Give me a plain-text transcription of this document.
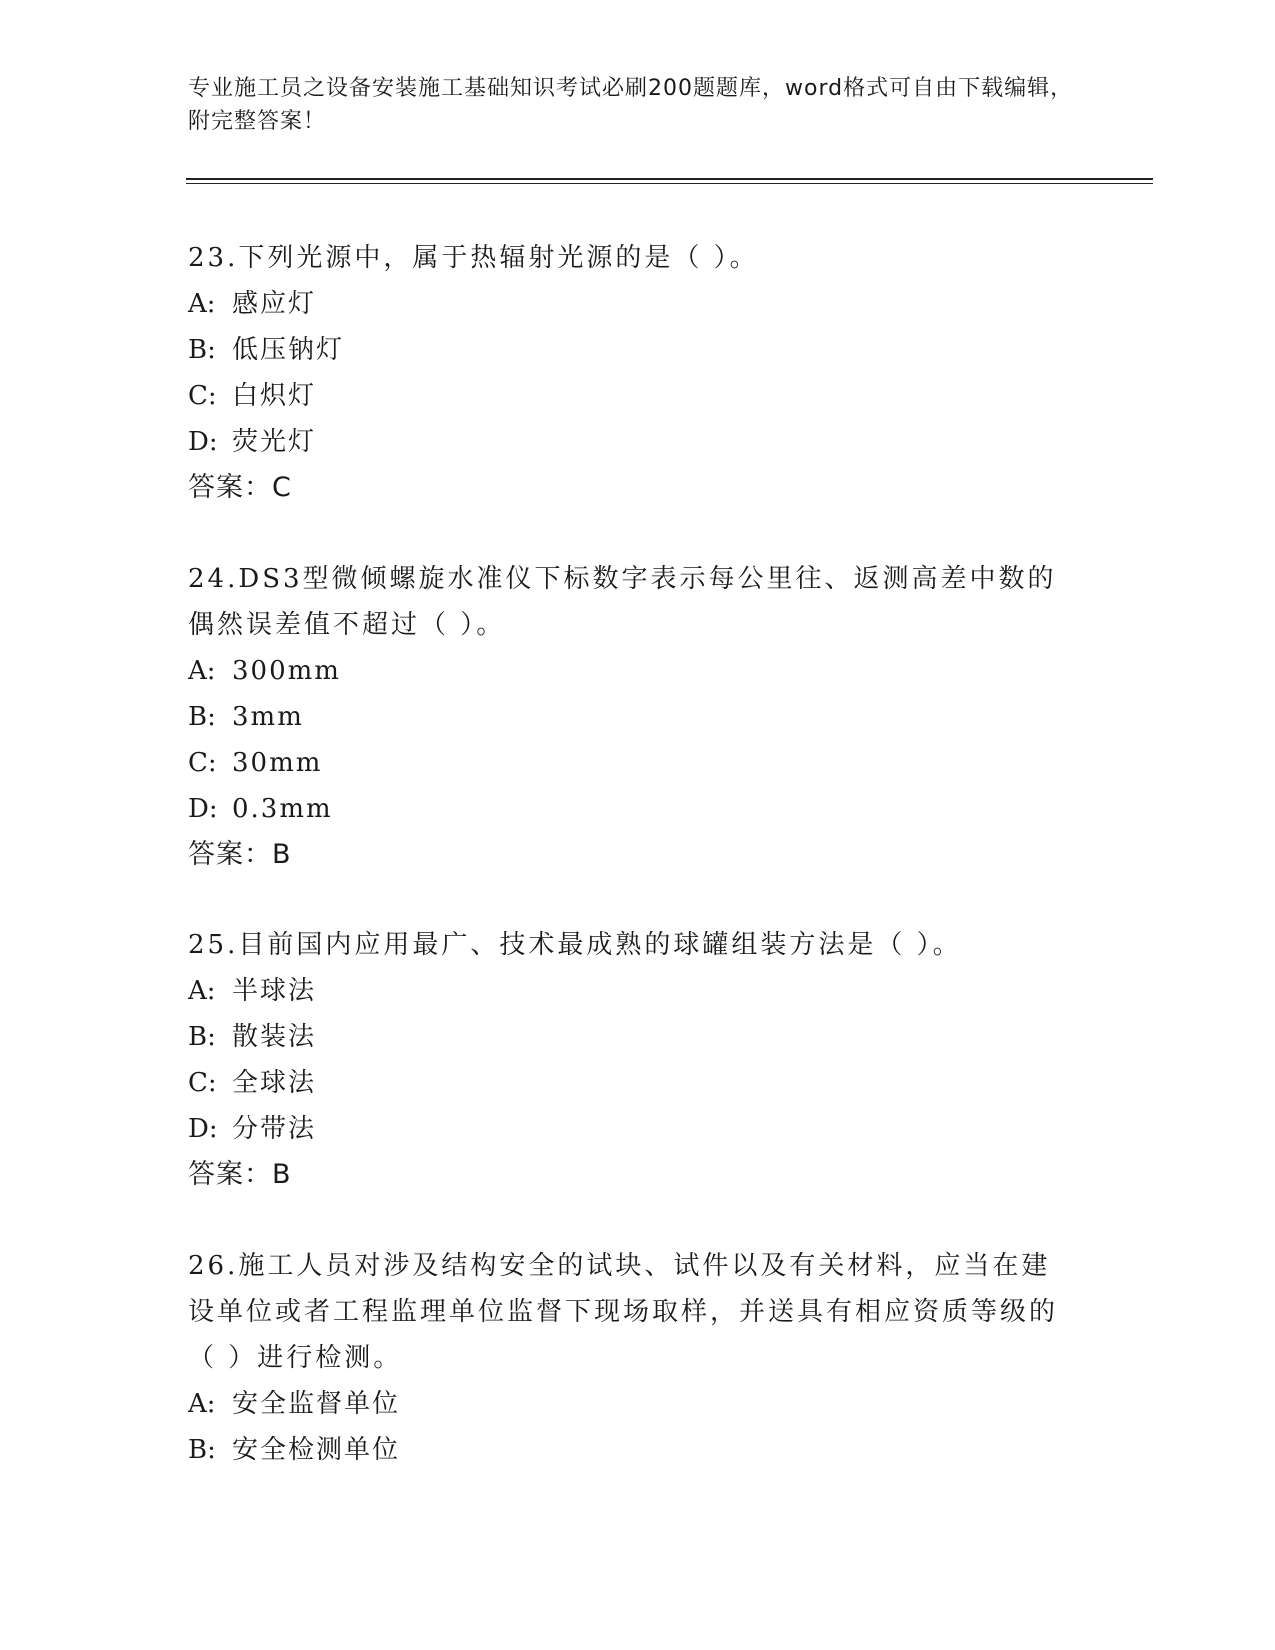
专业施工员之设备安装施工基础知识考试必刷200题题库，word格式可自由下载编辑，附完整答案！

23.下列光源中，属于热辐射光源的是（ ）。

A: 感应灯

B: 低压钠灯

C: 白炽灯

D: 荧光灯

答案：C

24.DS3型微倾螺旋水准仪下标数字表示每公里往、返测高差中数的偶然误差值不超过（ ）。

A: 300mm

B: 3mm

C: 30mm

D: 0.3mm

答案：B

25.目前国内应用最广、技术最成熟的球罐组装方法是（ ）。

A: 半球法

B: 散装法

C: 全球法

D: 分带法

答案：B

26.施工人员对涉及结构安全的试块、试件以及有关材料，应当在建设单位或者工程监理单位监督下现场取样，并送具有相应资质等级的（ ）进行检测。

A: 安全监督单位

B: 安全检测单位
